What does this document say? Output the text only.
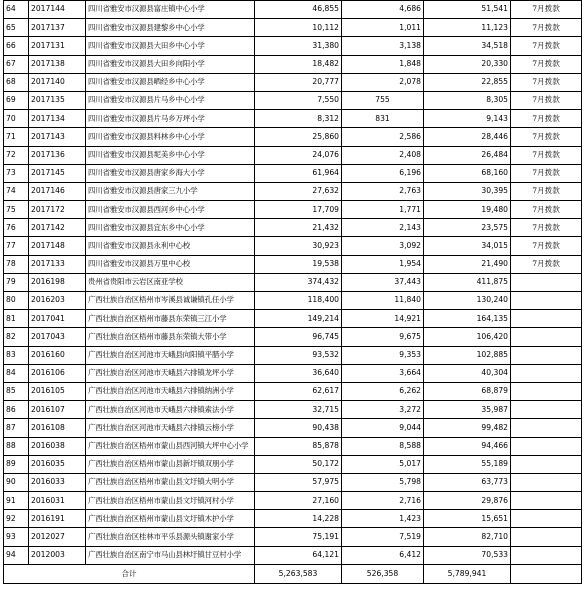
64	2017144	四川省雅安市汉源县富庄镇中心小学	46,855	4,686	51,541	7月拨款
65	2017137	四川省雅安市汉源县建黎乡中心小学	10,112	1,011	11,123	7月拨款
66	2017131	四川省雅安市汉源县大田乡中心小学	31,380	3,138	34,518	7月拨款
67	2017138	四川省雅安市汉源县大田乡向阳小学	18,482	1,848	20,330	7月拨款
68	2017140	四川省雅安市汉源县晒经乡中心小学	20,777	2,078	22,855	7月拨款
69	2017135	四川省雅安市汉源县片马乡中心小学	7,550	755	8,305	7月拨款
70	2017134	四川省雅安市汉源县片马乡万坪小学	8,312	831	9,143	7月拨款
71	2017143	四川省雅安市汉源县料林乡中心小学	25,860	2,586	28,446	7月拨款
72	2017136	四川省雅安市汉源县坭美乡中心小学	24,076	2,408	26,484	7月拨款
73	2017145	四川省雅安市汉源县唐家乡海大小学	61,964	6,196	68,160	7月拨款
74	2017146	四川省雅安市汉源县唐家三九小学	27,632	2,763	30,395	7月拨款
75	2017172	四川省雅安市汉源县西河乡中心小学	17,709	1,771	19,480	7月拨款
76	2017142	四川省雅安市汉源县宜东乡中心小学	21,432	2,143	23,575	7月拨款
77	2017148	四川省雅安市汉源县永利中心校	30,923	3,092	34,015	7月拨款
78	2017133	四川省雅安市汉源县万里中心校	19,538	1,954	21,490	7月拨款
79	2016198	贵州省贵阳市云岩区南亚学校	374,432	37,443	411,875	
80	2016203	广西壮族自治区梧州市岑溪县诚谦镇孔任小学	118,400	11,840	130,240	
81	2017041	广西壮族自治区梧州市藤县东荣镇三江小学	149,214	14,921	164,135	
82	2017043	广西壮族自治区梧州市藤县东荣镇大带小学	96,745	9,675	106,420	
83	2016160	广西壮族自治区河池市天峨县向阳镇平腊小学	93,532	9,353	102,885	
84	2016106	广西壮族自治区河池市天峨县六排镇龙坪小学	36,640	3,664	40,304	
85	2016105	广西壮族自治区河池市天峨县六排镇纳洲小学	62,617	6,262	68,879	
86	2016107	广西壮族自治区河池市天峨县六排镇索法小学	32,715	3,272	35,987	
87	2016108	广西壮族自治区河池市天峨县六排镇云榜小学	90,438	9,044	99,482	
88	2016038	广西壮族自治区梧州市蒙山县西河镇大坪中心小学	85,878	8,588	94,466	
89	2016035	广西壮族自治区梧州市蒙山县新圩镇双朋小学	50,172	5,017	55,189	
90	2016033	广西壮族自治区梧州市蒙山县文圩镇大明小学	57,975	5,798	63,773	
91	2016031	广西壮族自治区梧州市蒙山县文圩镇河村小学	27,160	2,716	29,876	
92	2016191	广西壮族自治区梧州市蒙山县文圩镇木护小学	14,228	1,423	15,651	
93	2012027	广西壮族自治区桂林市平乐县源头镇谢家小学	75,191	7,519	82,710	
94	2012003	广西壮族自治区南宁市马山县林圩镇甘豆村小学	64,121	6,412	70,533	
合计			5,263,583	526,358	5,789,941	
